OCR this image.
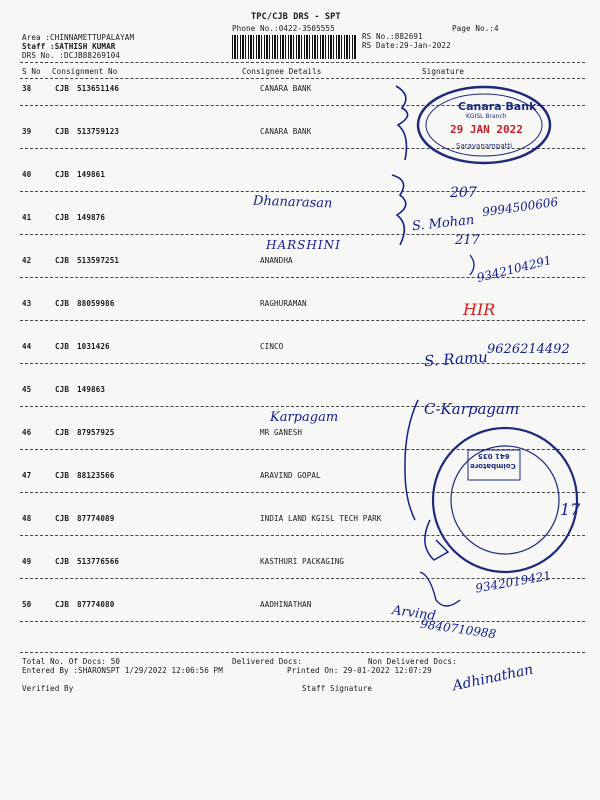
TPC/CJB DRS - SPT
Phone No.:0422-3505555	Page No.:4
Area :CHINNAMETTUPALAYAM
Staff :SATHISH KUMAR
DRS No. :DCJB88269104
RS No.:882691
RS Date:29-Jan-2022
S No Consignment No	Consignee Details	Signature
38	CJB 513651146	CANARA BANK
39	CJB 513759123	CANARA BANK
40	CJB 149861
41	CJB 149876
42	CJB 513597251	ANANDHA
43	CJB 88059986	RAGHURAMAN
44	CJB 1031426	CINCO
45	CJB 149863
46	CJB 87957925	MR GANESH
47	CJB 88123566	ARAVIND GOPAL
48	CJB 87774089	INDIA LAND KGISL TECH PARK
49	CJB 513776566	KASTHURI PACKAGING
50	CJB 87774080	AADHINATHAN
Canara Bank
KGISL Branch
29 JAN 2022
Saravanampatti
Coimbatore
641 035
Dhanarasan
HARSHINI
Karpagam
207
S. Mohan
9994500606
217
9342104291
HIR
S. Ramu
9626214492
C-Karpagam
17
9342019421
Arvind
9840710988
Adhinathan
Total No. Of Docs: 50	Delivered Docs:	Non Delivered Docs:
Entered By :SHARONSPT 1/29/2022 12:06:56 PM	Printed On: 29-01-2022 12:07:29
Verified By	Staff Signature
